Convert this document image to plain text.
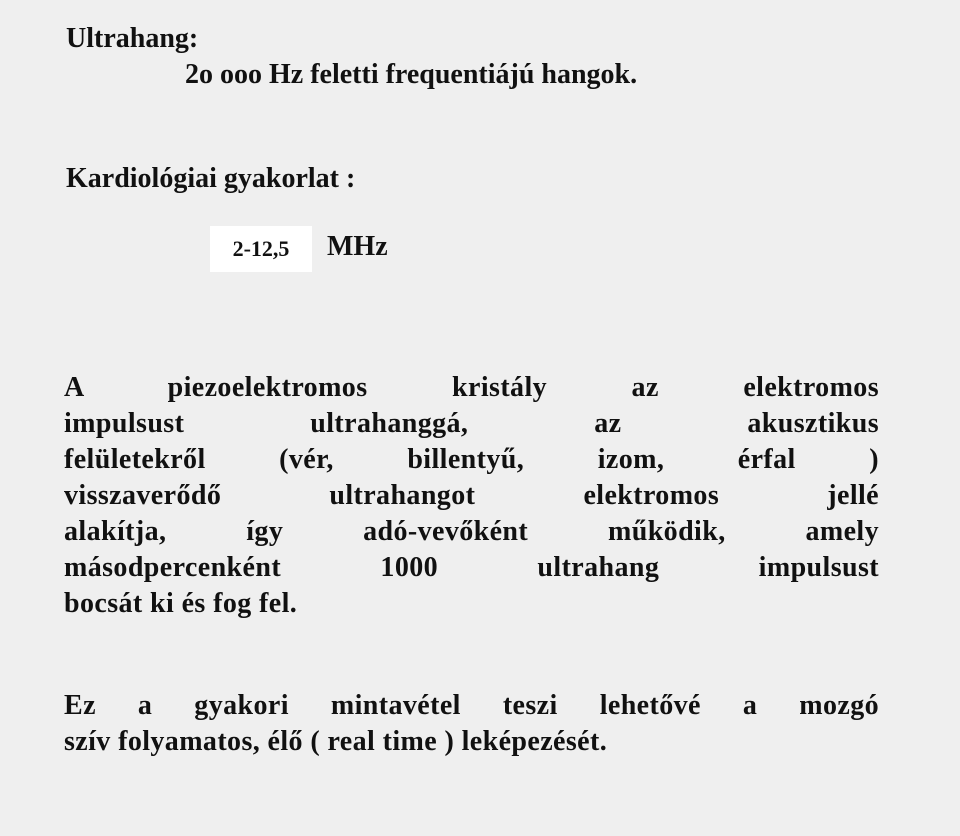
Ultrahang:
2o ooo Hz feletti frequentiájú hangok.
Kardiológiai gyakorlat :
2-12,5 MHz
A piezoelektromos kristály az elektromos
impulsust ultrahanggá, az akusztikus
felületekről (vér, billentyű, izom, érfal )
visszaverődő ultrahangot elektromos jellé
alakítja, így adó-vevőként működik, amely
másodpercenként 1000 ultrahang impulsust
bocsát ki és fog fel.
Ez a gyakori mintavétel teszi lehetővé a mozgó
szív folyamatos, élő ( real time ) leképezését.
